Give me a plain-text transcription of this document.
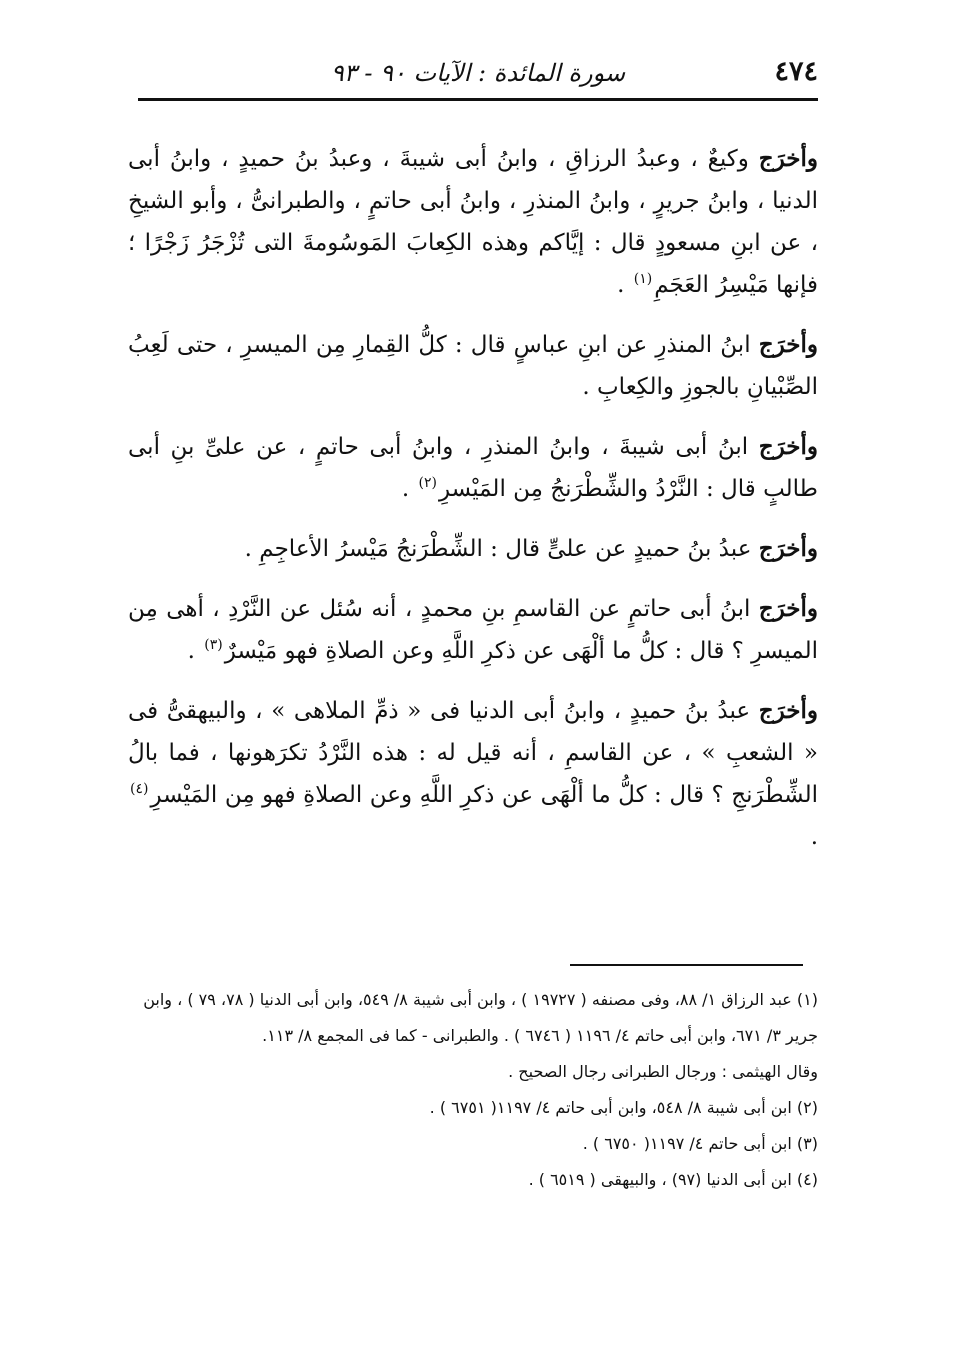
٤٧٤
سورة المائدة : الآيات ٩٠ - ٩٣

وأخرَج وكيعٌ ، وعبدُ الرزاقِ ، وابنُ أبى شيبةَ ، وعبدُ بنُ حميدٍ ، وابنُ أبى الدنيا ، وابنُ جريرٍ ، وابنُ المنذرِ ، وابنُ أبى حاتمٍ ، والطبرانىُّ ، وأبو الشيخِ ، عن ابنِ مسعودٍ قال : إيَّاكم وهذه الكِعابَ المَوسُومةَ التى تُزْجَرُ زَجْرًا ؛ فإنها مَيْسِرُ العَجَمِ$^{(١)}$ .

وأخرَج ابنُ المنذرِ عن ابنِ عباسٍ قال : كلُّ القِمارِ مِن الميسرِ ، حتى لَعِبُ الصِّبْيانِ بالجوزِ والكِعابِ .

وأخرَج ابنُ أبى شيبةَ ، وابنُ المنذرِ ، وابنُ أبى حاتمٍ ، عن علىِّ بنِ أبى طالبٍ قال : النَّرْدُ والشِّطْرَنجُ مِن المَيْسرِ$^{(٢)}$ .

وأخرَج عبدُ بنُ حميدٍ عن علىٍّ قال : الشِّطْرَنجُ مَيْسرُ الأعاجِمِ .

وأخرَج ابنُ أبى حاتمٍ عن القاسمِ بنِ محمدٍ ، أنه سُئل عن النَّرْدِ ، أهى مِن الميسرِ ؟ قال : كلُّ ما ألْهَى عن ذكرِ اللَّهِ وعن الصلاةِ فهو مَيْسرٌ$^{(٣)}$ .

وأخرَج عبدُ بنُ حميدٍ ، وابنُ أبى الدنيا فى « ذمِّ الملاهى » ، والبيهقىُّ فى « الشعبِ » ، عن القاسمِ ، أنه قيل له : هذه النَّرْدُ تكرَهونها ، فما بالُ الشِّطْرَنجِ ؟ قال : كلُّ ما ألْهَى عن ذكرِ اللَّهِ وعن الصلاةِ فهو مِن المَيْسرِ$^{(٤)}$ .

(١) عبد الرزاق ١/ ٨٨، وفى مصنفه ( ١٩٧٢٧ ) ، وابن أبى شيبة ٨/ ٥٤٩، وابن أبى الدنيا ( ٧٨، ٧٩ ) ، وابن جرير ٣/ ٦٧١، وابن أبى حاتم ٤/ ١١٩٦ ( ٦٧٤٦ ) . والطبرانى - كما فى المجمع ٨/ ١١٣.

وقال الهيثمى : ورجال الطبرانى رجال الصحيح .

(٢) ابن أبى شيبة ٨/ ٥٤٨، وابن أبى حاتم ٤/ ١١٩٧( ٦٧٥١ ) .

(٣) ابن أبى حاتم ٤/ ١١٩٧( ٦٧٥٠ ) .

(٤) ابن أبى الدنيا (٩٧) ، والبيهقى ( ٦٥١٩ ) .
